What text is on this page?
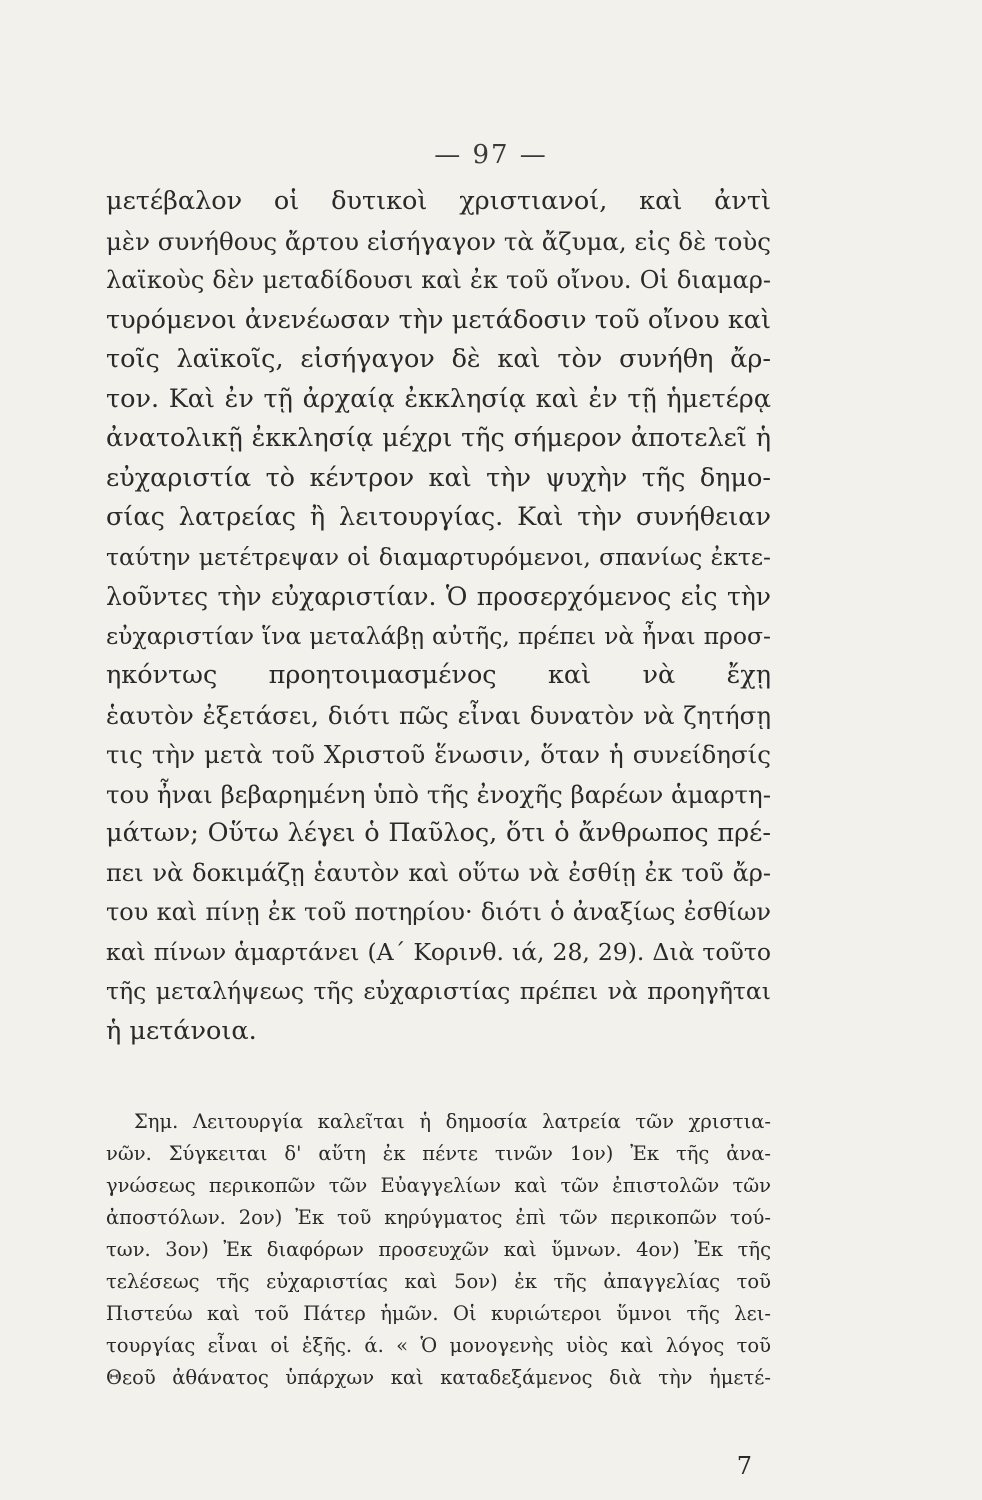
— 97 —
μετέβαλον οἱ δυτικοὶ χριστιανοί, καὶ ἀντὶ
μὲν συνήθους ἄρτου εἰσήγαγον τὰ ἄζυμα, εἰς δὲ τοὺς
λαϊκοὺς δὲν μεταδίδουσι καὶ ἐκ τοῦ οἴνου. Οἱ διαμαρ-
τυρόμενοι ἀνενέωσαν τὴν μετάδοσιν τοῦ οἴνου καὶ
τοῖς λαϊκοῖς, εἰσήγαγον δὲ καὶ τὸν συνήθη ἄρ-
τον. Καὶ ἐν τῇ ἀρχαίᾳ ἐκκλησίᾳ καὶ ἐν τῇ ἡμετέρᾳ
ἀνατολικῇ ἐκκλησίᾳ μέχρι τῆς σήμερον ἀποτελεῖ ἡ
εὐχαριστία τὸ κέντρον καὶ τὴν ψυχὴν τῆς δημο-
σίας λατρείας ἢ λειτουργίας. Καὶ τὴν συνήθειαν
ταύτην μετέτρεψαν οἱ διαμαρτυρόμενοι, σπανίως ἐκτε-
λοῦντες τὴν εὐχαριστίαν. Ὁ προσερχόμενος εἰς τὴν
εὐχαριστίαν ἵνα μεταλάβῃ αὐτῆς, πρέπει νὰ ἦναι προσ-
ηκόντως προητοιμασμένος καὶ νὰ ἔχῃ
ἑαυτὸν ἐξετάσει, διότι πῶς εἶναι δυνατὸν νὰ ζητήσῃ
τις τὴν μετὰ τοῦ Χριστοῦ ἕνωσιν, ὅταν ἡ συνείδησίς
του ἦναι βεβαρημένη ὑπὸ τῆς ἐνοχῆς βαρέων ἁμαρτη-
μάτων; Οὕτω λέγει ὁ Παῦλος, ὅτι ὁ ἄνθρωπος πρέ-
πει νὰ δοκιμάζῃ ἑαυτὸν καὶ οὕτω νὰ ἐσθίῃ ἐκ τοῦ ἄρ-
του καὶ πίνῃ ἐκ τοῦ ποτηρίου· διότι ὁ ἀναξίως ἐσθίων
καὶ πίνων ἁμαρτάνει (Α΄ Κορινθ. ιά, 28, 29). Διὰ τοῦτο
τῆς μεταλήψεως τῆς εὐχαριστίας πρέπει νὰ προηγῆται
ἡ μετάνοια.
Σημ. Λειτουργία καλεῖται ἡ δημοσία λατρεία τῶν χριστια-
νῶν. Σύγκειται δ' αὕτη ἐκ πέντε τινῶν 1ον) Ἐκ τῆς ἀνα-
γνώσεως περικοπῶν τῶν Εὐαγγελίων καὶ τῶν ἐπιστολῶν τῶν
ἀποστόλων. 2ον) Ἐκ τοῦ κηρύγματος ἐπὶ τῶν περικοπῶν τού-
των. 3ον) Ἐκ διαφόρων προσευχῶν καὶ ὕμνων. 4ον) Ἐκ τῆς
τελέσεως τῆς εὐχαριστίας καὶ 5ον) ἐκ τῆς ἀπαγγελίας τοῦ
Πιστεύω καὶ τοῦ Πάτερ ἡμῶν. Οἱ κυριώτεροι ὕμνοι τῆς λει-
τουργίας εἶναι οἱ ἑξῆς. ά. « Ὁ μονογενὴς υἱὸς καὶ λόγος τοῦ
Θεοῦ ἀθάνατος ὑπάρχων καὶ καταδεξάμενος διὰ τὴν ἡμετέ-
7
